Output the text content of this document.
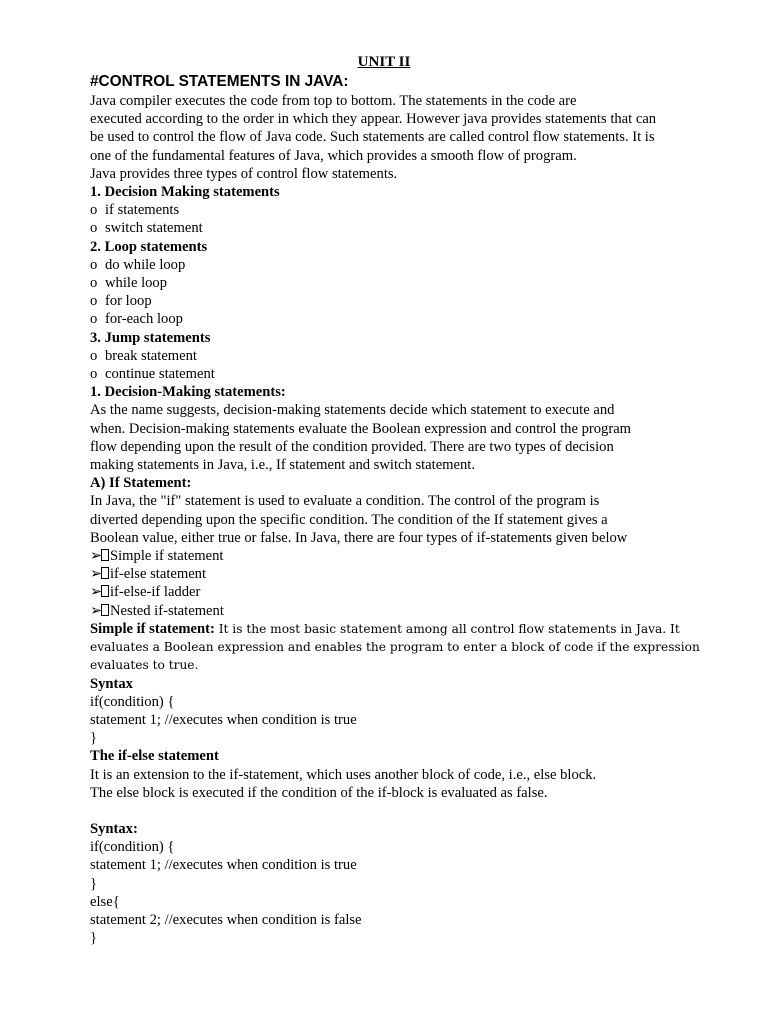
UNIT II
#CONTROL STATEMENTS IN JAVA:
Java compiler executes the code from top to bottom. The statements in the code are
executed according to the order in which they appear. However java provides statements that can
be used to control the flow of Java code. Such statements are called control flow statements. It is
one of the fundamental features of Java, which provides a smooth flow of program.
Java provides three types of control flow statements.
1. Decision Making statements
o if statements
o switch statement
2. Loop statements
o do while loop
o while loop
o for loop
o for-each loop
3. Jump statements
o break statement
o continue statement
1. Decision-Making statements:
As the name suggests, decision-making statements decide which statement to execute and
when. Decision-making statements evaluate the Boolean expression and control the program
flow depending upon the result of the condition provided. There are two types of decision
making statements in Java, i.e., If statement and switch statement.
A) If Statement:
In Java, the "if" statement is used to evaluate a condition. The control of the program is
diverted depending upon the specific condition. The condition of the If statement gives a
Boolean value, either true or false. In Java, there are four types of if-statements given below
➢ Simple if statement
➢ if-else statement
➢ if-else-if ladder
➢ Nested if-statement
Simple if statement: It is the most basic statement among all control flow statements in Java. It
evaluates a Boolean expression and enables the program to enter a block of code if the expression
evaluates to true.
Syntax
if(condition) {
statement 1; //executes when condition is true
}
The if-else statement
It is an extension to the if-statement, which uses another block of code, i.e., else block.
The else block is executed if the condition of the if-block is evaluated as false.
Syntax:
if(condition) {
statement 1; //executes when condition is true
}
else{
statement 2; //executes when condition is false
}
